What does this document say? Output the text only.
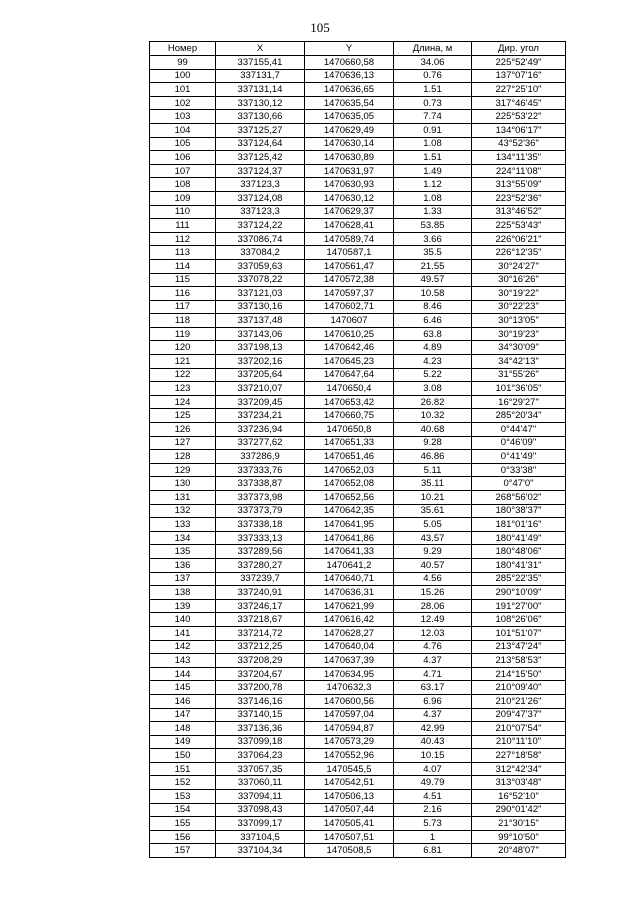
105
Номер	X	Y	Длина, м	Дир. угол
99	337155,41	1470660,58	34.06	225°52'49"
100	337131,7	1470636,13	0.76	137°07'16"
101	337131,14	1470636,65	1.51	227°25'10"
102	337130,12	1470635,54	0.73	317°46'45"
103	337130,66	1470635,05	7.74	225°53'22"
104	337125,27	1470629,49	0.91	134°06'17"
105	337124,64	1470630,14	1.08	43°52'36"
106	337125,42	1470630,89	1.51	134°11'35"
107	337124,37	1470631,97	1.49	224°11'08"
108	337123,3	1470630,93	1.12	313°55'09"
109	337124,08	1470630,12	1.08	223°52'36"
110	337123,3	1470629,37	1.33	313°46'52"
111	337124,22	1470628,41	53.85	225°53'43"
112	337086,74	1470589,74	3.66	226°06'21"
113	337084,2	1470587,1	35.5	226°12'35"
114	337059,63	1470561,47	21.55	30°24'27"
115	337078,22	1470572,38	49.57	30°16'26"
116	337121,03	1470597,37	10.58	30°19'22"
117	337130,16	1470602,71	8.46	30°22'23"
118	337137,48	1470607	6.46	30°13'05"
119	337143,06	1470610,25	63.8	30°19'23"
120	337198,13	1470642,46	4.89	34°30'09"
121	337202,16	1470645,23	4.23	34°42'13"
122	337205,64	1470647,64	5.22	31°55'26"
123	337210,07	1470650,4	3.08	101°36'05"
124	337209,45	1470653,42	26.82	16°29'27"
125	337234,21	1470660,75	10.32	285°20'34"
126	337236,94	1470650,8	40.68	0°44'47"
127	337277,62	1470651,33	9.28	0°46'09"
128	337286,9	1470651,46	46.86	0°41'49"
129	337333,76	1470652,03	5.11	0°33'38"
130	337338,87	1470652,08	35.11	0°47'0"
131	337373,98	1470652,56	10.21	268°56'02"
132	337373,79	1470642,35	35.61	180°38'37"
133	337338,18	1470641,95	5.05	181°01'16"
134	337333,13	1470641,86	43.57	180°41'49"
135	337289,56	1470641,33	9.29	180°48'06"
136	337280,27	1470641,2	40.57	180°41'31"
137	337239,7	1470640,71	4.56	285°22'35"
138	337240,91	1470636,31	15.26	290°10'09"
139	337246,17	1470621,99	28.06	191°27'00"
140	337218,67	1470616,42	12.49	108°26'06"
141	337214,72	1470628,27	12.03	101°51'07"
142	337212,25	1470640,04	4.76	213°47'24"
143	337208,29	1470637,39	4.37	213°58'53"
144	337204,67	1470634,95	4.71	214°15'50"
145	337200,78	1470632,3	63.17	210°09'40"
146	337146,16	1470600,56	6.96	210°21'26"
147	337140,15	1470597,04	4.37	209°47'37"
148	337136,36	1470594,87	42.99	210°07'54"
149	337099,18	1470573,29	40.43	210°11'10"
150	337064,23	1470552,96	10.15	227°18'58"
151	337057,35	1470545,5	4.07	312°42'34"
152	337060,11	1470542,51	49.79	313°03'48"
153	337094,11	1470506,13	4.51	16°52'10"
154	337098,43	1470507,44	2.16	290°01'42"
155	337099,17	1470505,41	5.73	21°30'15"
156	337104,5	1470507,51	1	99°10'50"
157	337104,34	1470508,5	6.81	20°48'07"
